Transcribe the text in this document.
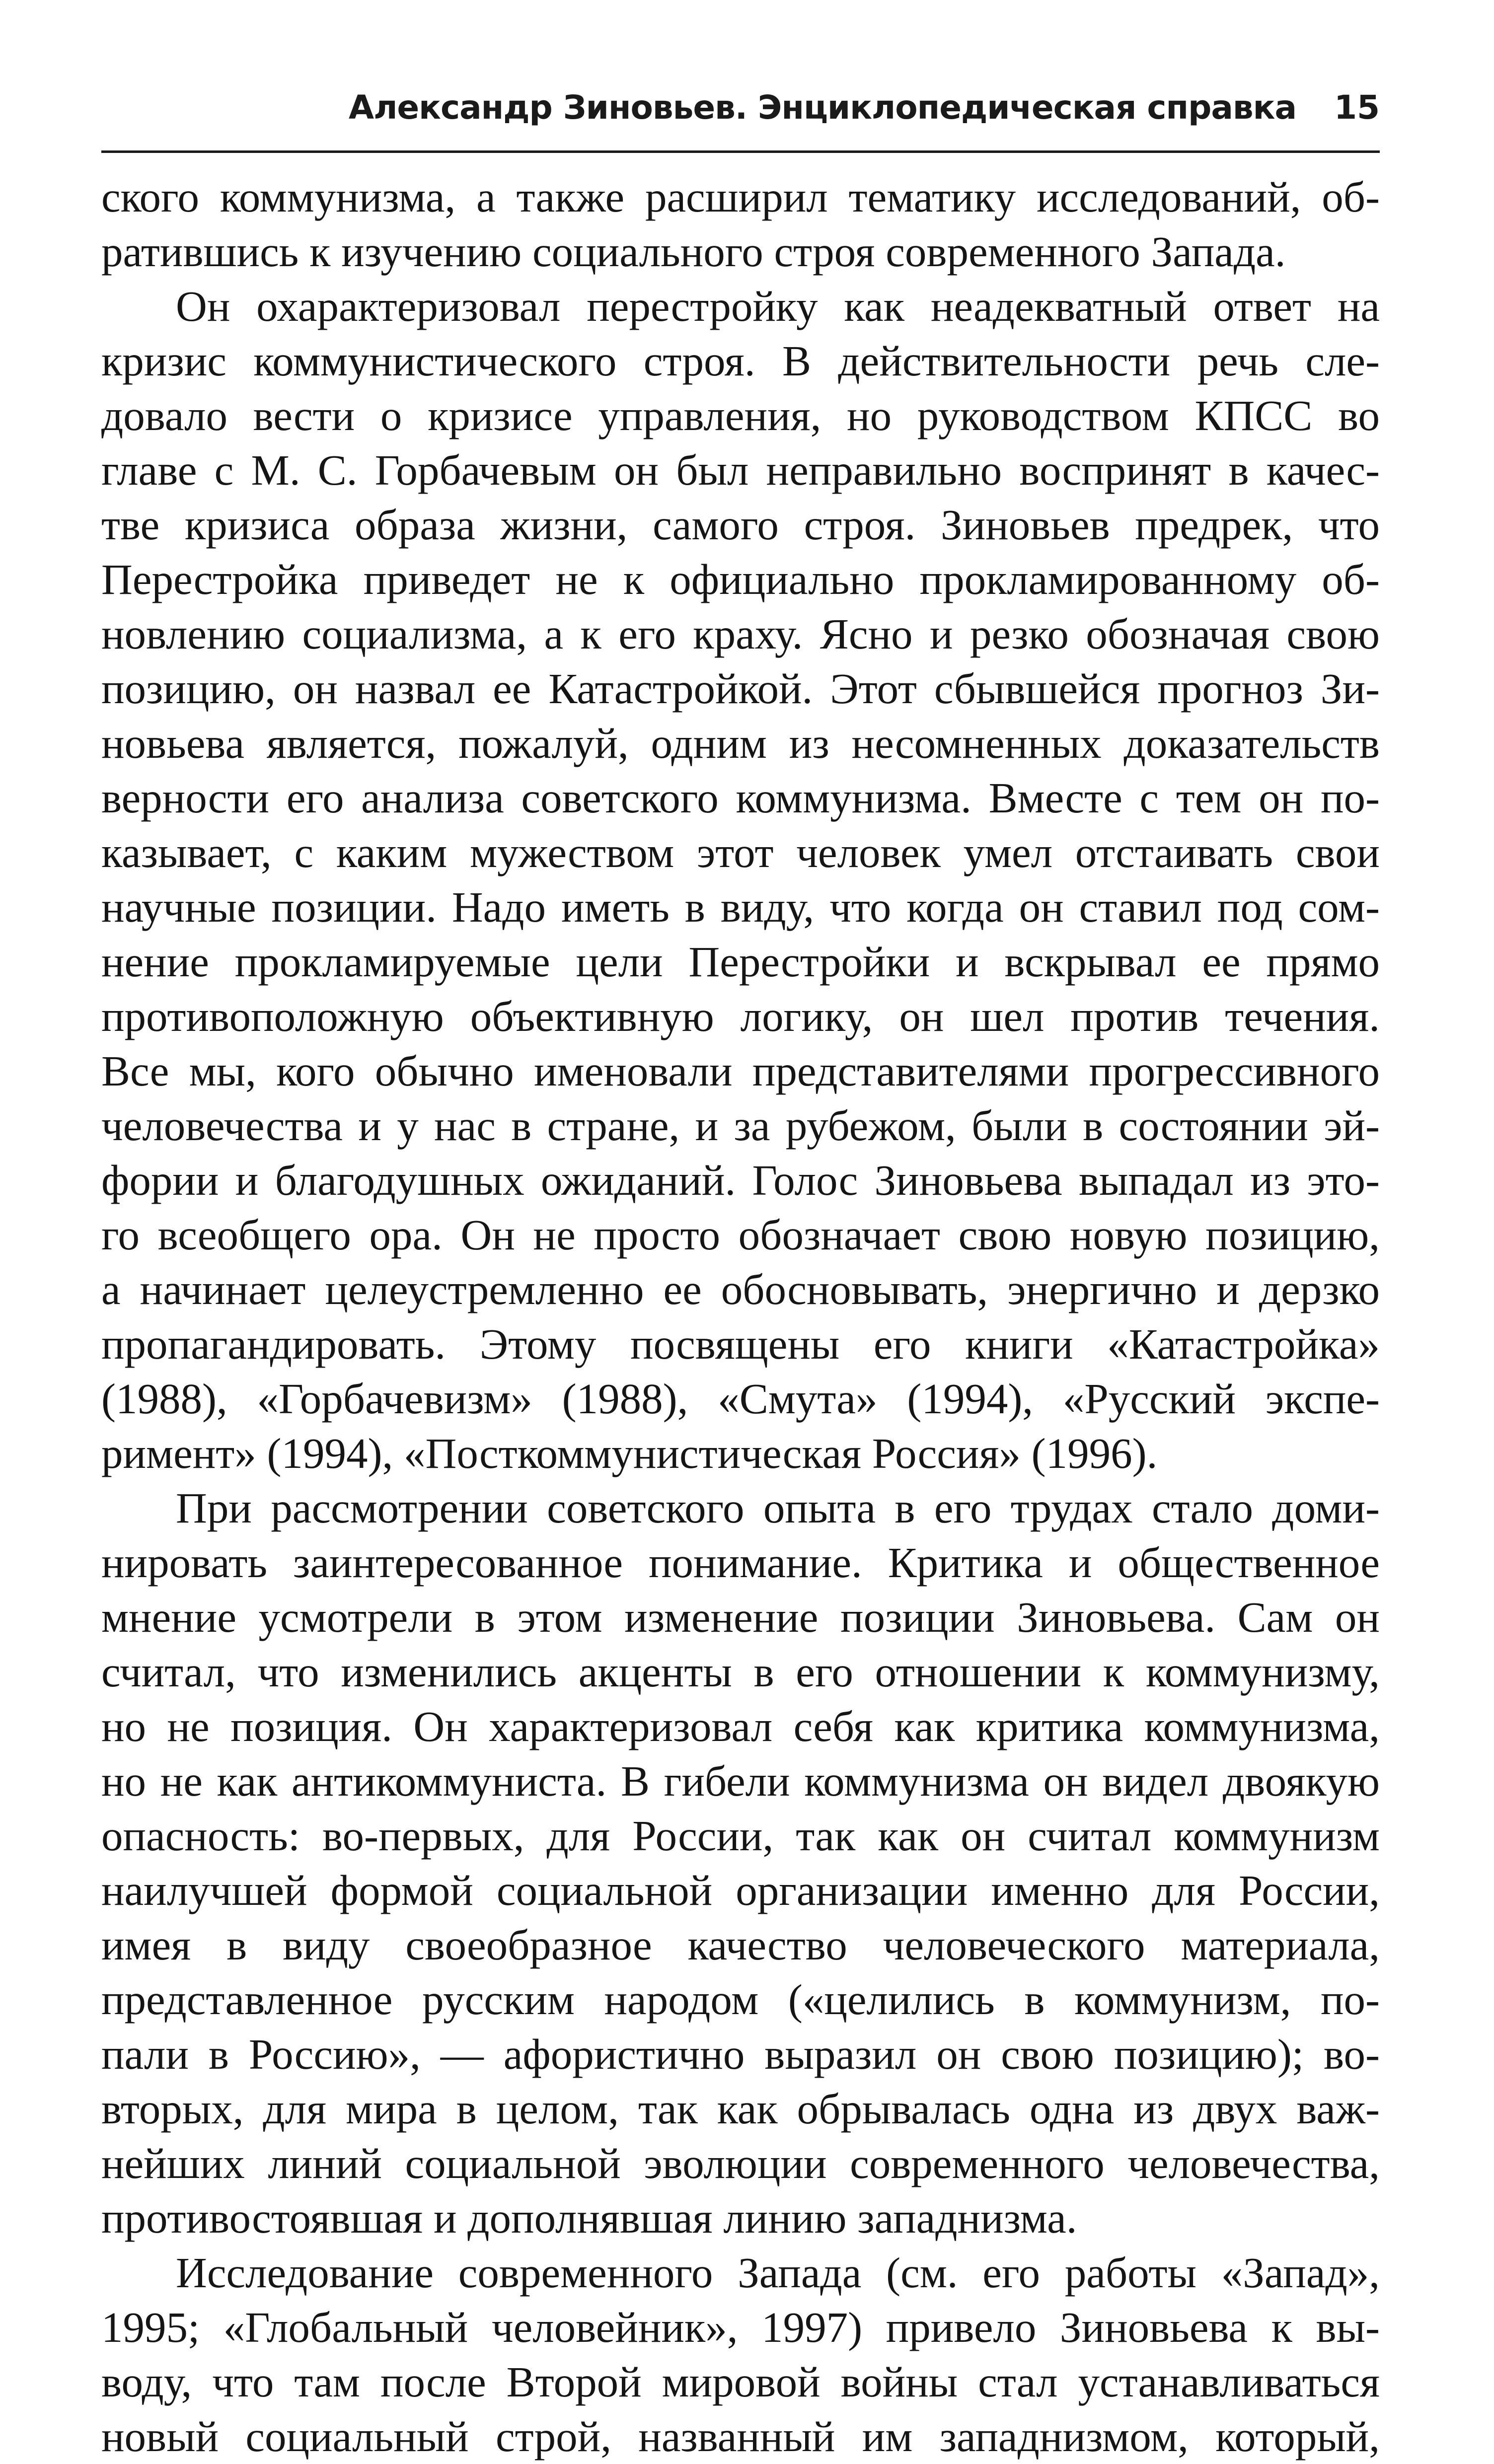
Александр Зиновьев. Энциклопедическая справка 15
ского коммунизма, а также расширил тематику исследований, об-
ратившись к изучению социального строя современного Запада.
Он охарактеризовал перестройку как неадекватный ответ на
кризис коммунистического строя. В действительности речь сле-
довало вести о кризисе управления, но руководством КПСС во
главе с М. С. Горбачевым он был неправильно воспринят в качес-
тве кризиса образа жизни, самого строя. Зиновьев предрек, что
Перестройка приведет не к официально прокламированному об-
новлению социализма, а к его краху. Ясно и резко обозначая свою
позицию, он назвал ее Катастройкой. Этот сбывшейся прогноз Зи-
новьева является, пожалуй, одним из несомненных доказательств
верности его анализа советского коммунизма. Вместе с тем он по-
казывает, с каким мужеством этот человек умел отстаивать свои
научные позиции. Надо иметь в виду, что когда он ставил под сом-
нение прокламируемые цели Перестройки и вскрывал ее прямо
противоположную объективную логику, он шел против течения.
Все мы, кого обычно именовали представителями прогрессивного
человечества и у нас в стране, и за рубежом, были в состоянии эй-
фории и благодушных ожиданий. Голос Зиновьева выпадал из это-
го всеобщего ора. Он не просто обозначает свою новую позицию,
а начинает целеустремленно ее обосновывать, энергично и дерзко
пропагандировать. Этому посвящены его книги «Катастройка»
(1988), «Горбачевизм» (1988), «Смута» (1994), «Русский экспе-
римент» (1994), «Посткоммунистическая Россия» (1996).
При рассмотрении советского опыта в его трудах стало доми-
нировать заинтересованное понимание. Критика и общественное
мнение усмотрели в этом изменение позиции Зиновьева. Сам он
считал, что изменились акценты в его отношении к коммунизму,
но не позиция. Он характеризовал себя как критика коммунизма,
но не как антикоммуниста. В гибели коммунизма он видел двоякую
опасность: во-первых, для России, так как он считал коммунизм
наилучшей формой социальной организации именно для России,
имея в виду своеобразное качество человеческого материала,
представленное русским народом («целились в коммунизм, по-
пали в Россию», — афористично выразил он свою позицию); во-
вторых, для мира в целом, так как обрывалась одна из двух важ-
нейших линий социальной эволюции современного человечества,
противостоявшая и дополнявшая линию западнизма.
Исследование современного Запада (см. его работы «Запад»,
1995; «Глобальный человейник», 1997) привело Зиновьева к вы-
воду, что там после Второй мировой войны стал устанавливаться
новый социальный строй, названный им западнизмом, который,
